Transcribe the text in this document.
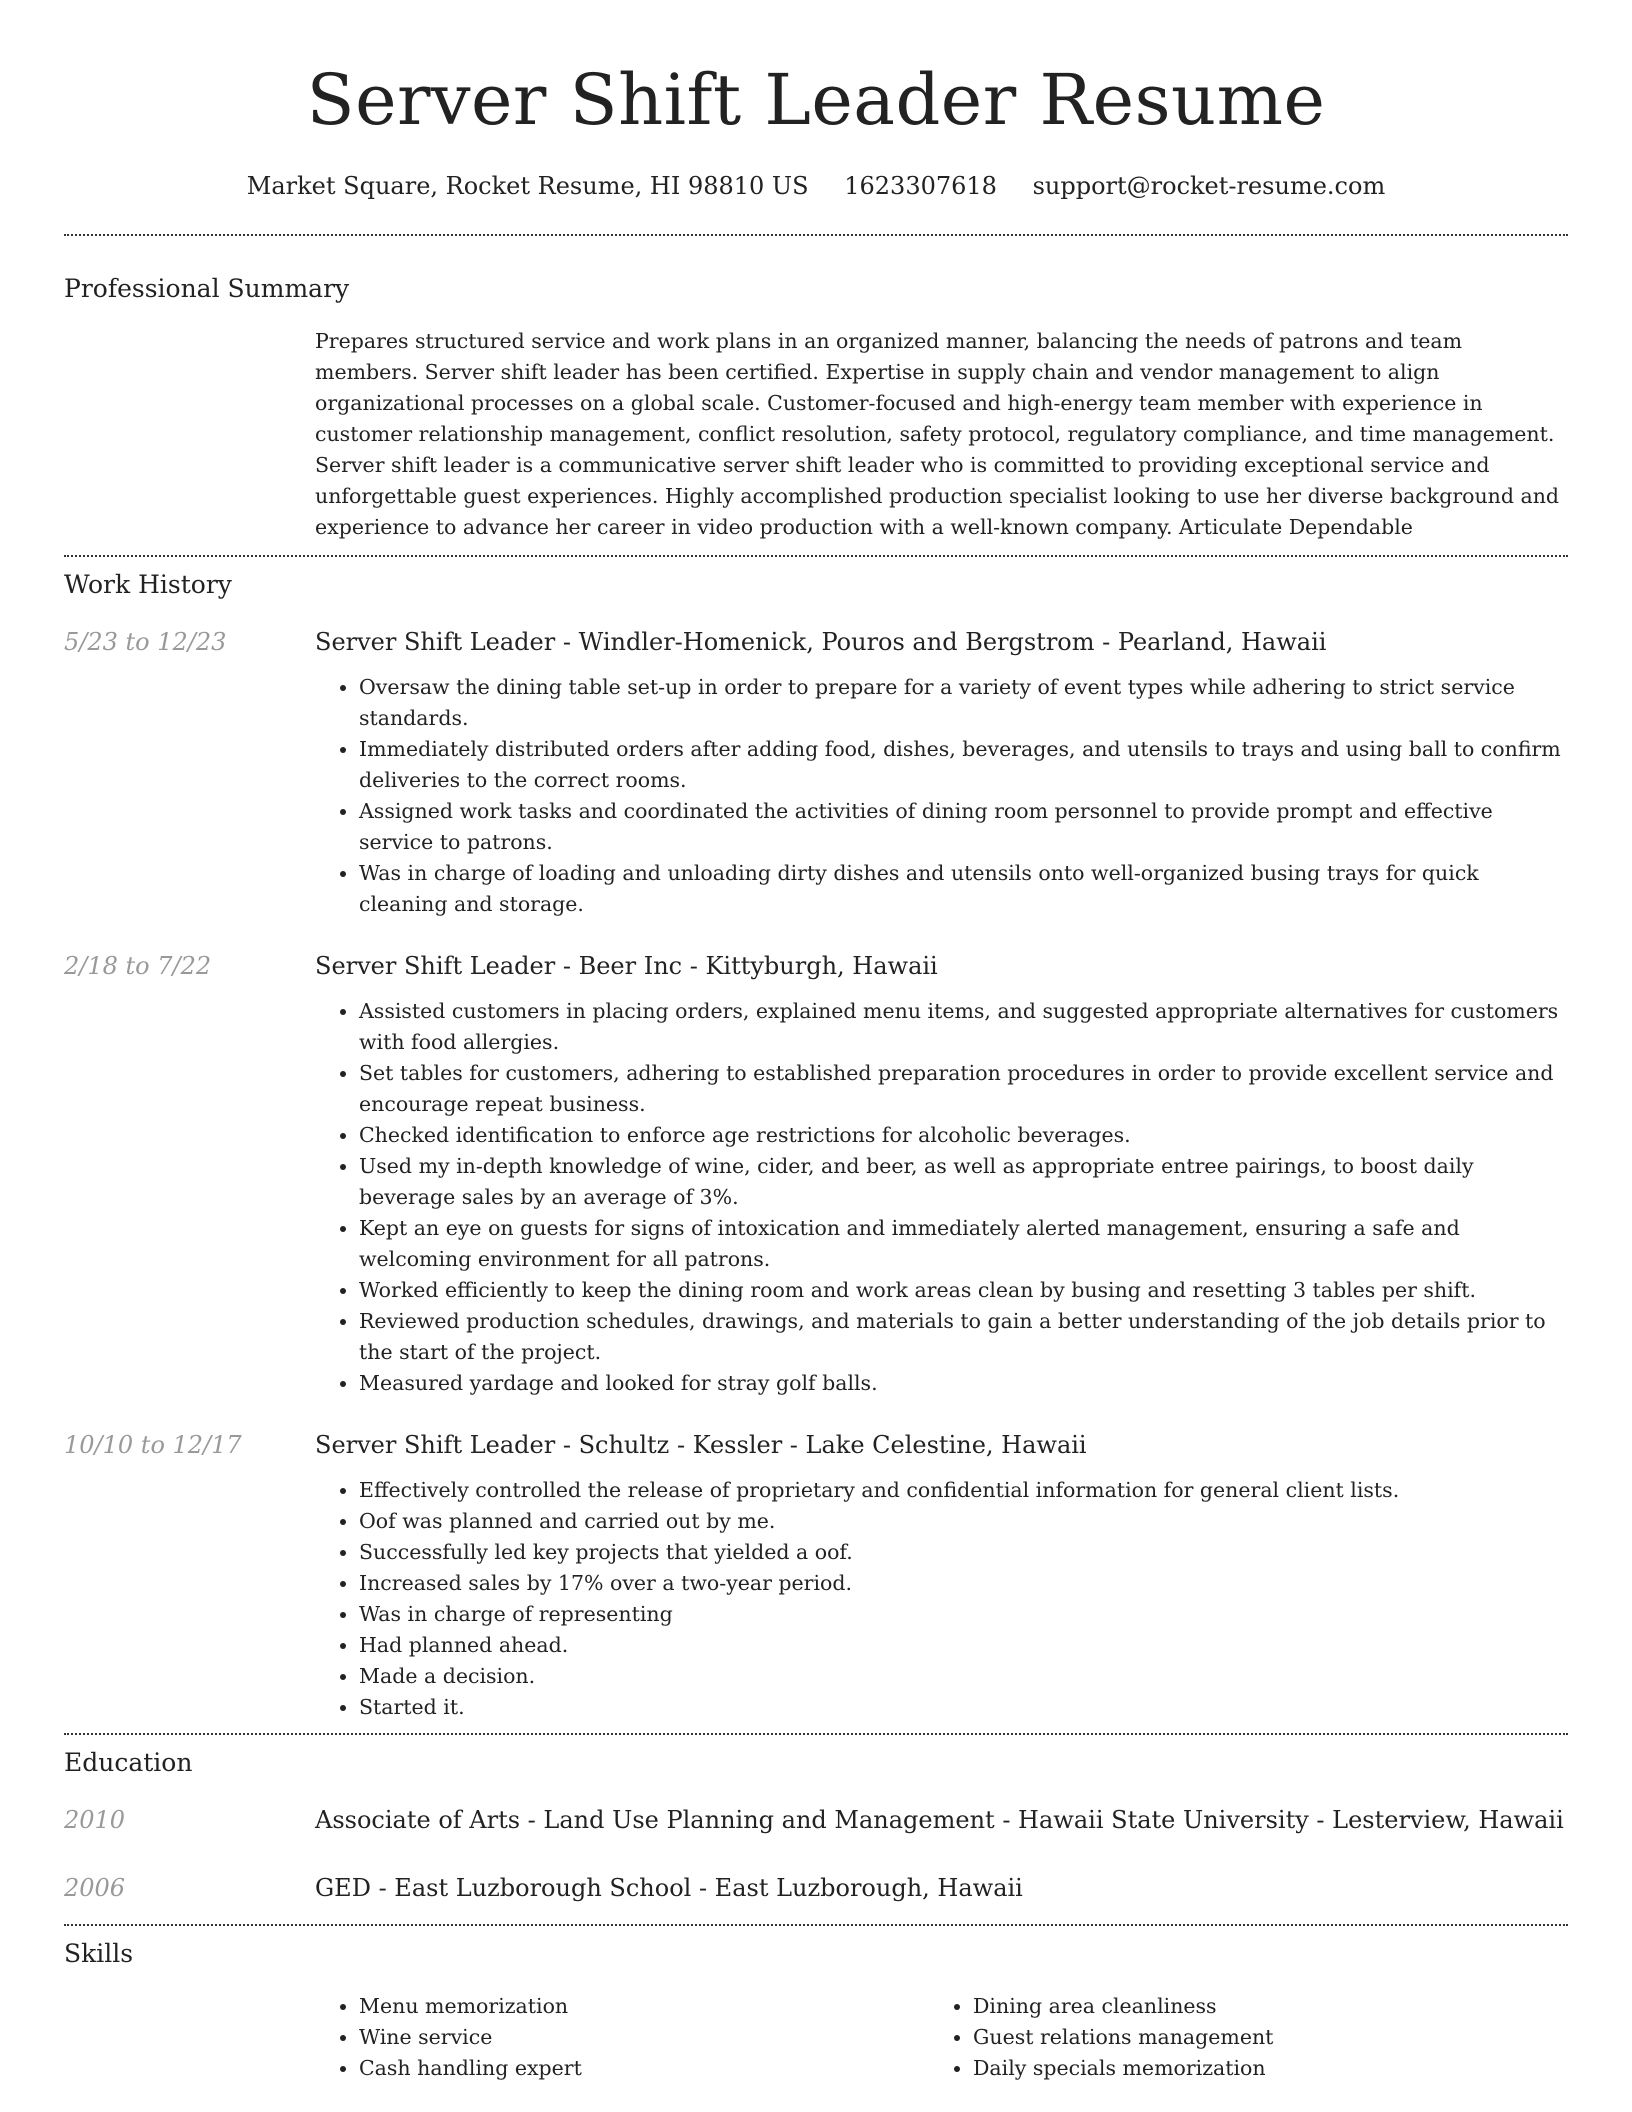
Server Shift Leader Resume
Market Square, Rocket Resume, HI 98810 US 1623307618 support@rocket-resume.com
Professional Summary

Prepares structured service and work plans in an organized manner, balancing the needs of patrons and team members. Server shift leader has been certified. Expertise in supply chain and vendor management to align organizational processes on a global scale. Customer-focused and high-energy team member with experience in customer relationship management, conflict resolution, safety protocol, regulatory compliance, and time management. Server shift leader is a communicative server shift leader who is committed to providing exceptional service and unforgettable guest experiences. Highly accomplished production specialist looking to use her diverse background and experience to advance her career in video production with a well-known company. Articulate Dependable

Work History
5/23 to 12/23	Server Shift Leader - Windler-Homenick, Pouros and Bergstrom - Pearland, Hawaii
• Oversaw the dining table set-up in order to prepare for a variety of event types while adhering to strict service standards.
• Immediately distributed orders after adding food, dishes, beverages, and utensils to trays and using ball to confirm deliveries to the correct rooms.
• Assigned work tasks and coordinated the activities of dining room personnel to provide prompt and effective service to patrons.
• Was in charge of loading and unloading dirty dishes and utensils onto well-organized busing trays for quick cleaning and storage.
2/18 to 7/22	Server Shift Leader - Beer Inc - Kittyburgh, Hawaii
• Assisted customers in placing orders, explained menu items, and suggested appropriate alternatives for customers with food allergies.
• Set tables for customers, adhering to established preparation procedures in order to provide excellent service and encourage repeat business.
• Checked identification to enforce age restrictions for alcoholic beverages.
• Used my in-depth knowledge of wine, cider, and beer, as well as appropriate entree pairings, to boost daily beverage sales by an average of 3%.
• Kept an eye on guests for signs of intoxication and immediately alerted management, ensuring a safe and welcoming environment for all patrons.
• Worked efficiently to keep the dining room and work areas clean by busing and resetting 3 tables per shift.
• Reviewed production schedules, drawings, and materials to gain a better understanding of the job details prior to the start of the project.
• Measured yardage and looked for stray golf balls.
10/10 to 12/17	Server Shift Leader - Schultz - Kessler - Lake Celestine, Hawaii
• Effectively controlled the release of proprietary and confidential information for general client lists.
• Oof was planned and carried out by me.
• Successfully led key projects that yielded a oof.
• Increased sales by 17% over a two-year period.
• Was in charge of representing
• Had planned ahead.
• Made a decision.
• Started it.
Education
2010	Associate of Arts - Land Use Planning and Management - Hawaii State University - Lesterview, Hawaii
2006	GED - East Luzborough School - East Luzborough, Hawaii
Skills
• Menu memorization
• Wine service
• Cash handling expert
• Dining area cleanliness
• Guest relations management
• Daily specials memorization
